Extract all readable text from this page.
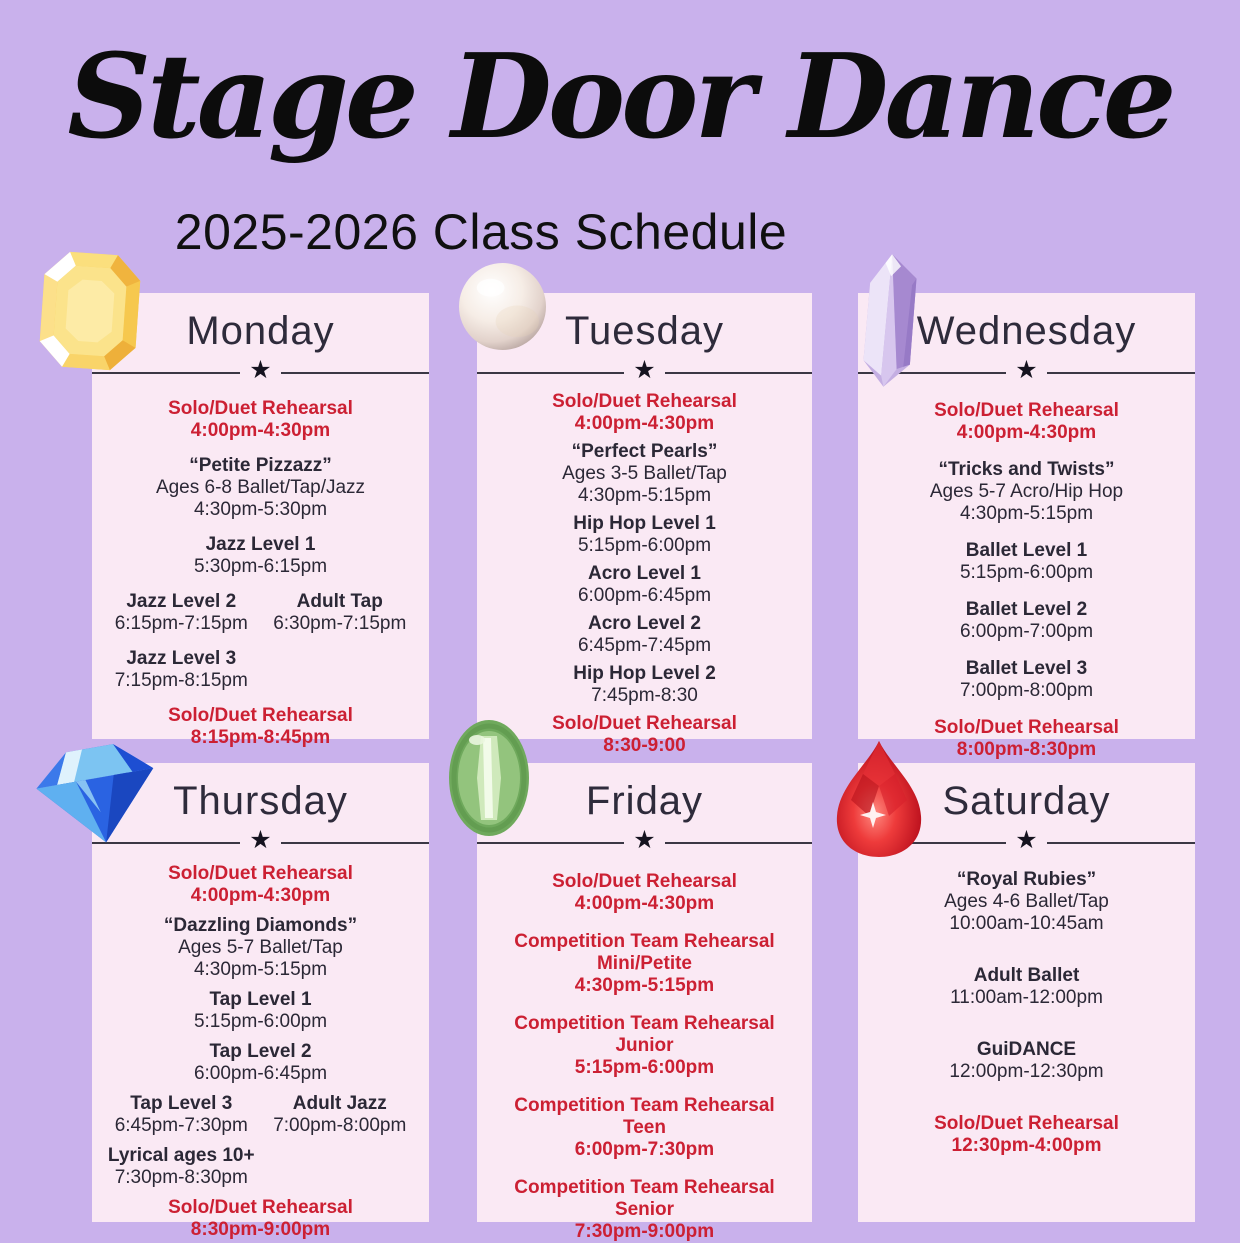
Stage Door Dance
2025-2026 Class Schedule
Monday
★

Solo/Duet Rehearsal

4:00pm-4:30pm

“Petite Pizzazz”

Ages 6-8 Ballet/Tap/Jazz

4:30pm-5:30pm

Jazz Level 1

5:30pm-6:15pm

Jazz Level 2

6:15pm-7:15pm

Adult Tap

6:30pm-7:15pm

Jazz Level 3

7:15pm-8:15pm

Solo/Duet Rehearsal

8:15pm-8:45pm

Tuesday
★

Solo/Duet Rehearsal

4:00pm-4:30pm

“Perfect Pearls”

Ages 3-5 Ballet/Tap

4:30pm-5:15pm

Hip Hop Level 1

5:15pm-6:00pm

Acro Level 1

6:00pm-6:45pm

Acro Level 2

6:45pm-7:45pm

Hip Hop Level 2

7:45pm-8:30

Solo/Duet Rehearsal

8:30-9:00

Wednesday
★

Solo/Duet Rehearsal

4:00pm-4:30pm

“Tricks and Twists”

Ages 5-7 Acro/Hip Hop

4:30pm-5:15pm

Ballet Level 1

5:15pm-6:00pm

Ballet Level 2

6:00pm-7:00pm

Ballet Level 3

7:00pm-8:00pm

Solo/Duet Rehearsal

8:00pm-8:30pm

Thursday
★

Solo/Duet Rehearsal

4:00pm-4:30pm

“Dazzling Diamonds”

Ages 5-7 Ballet/Tap

4:30pm-5:15pm

Tap Level 1

5:15pm-6:00pm

Tap Level 2

6:00pm-6:45pm

Tap Level 3

6:45pm-7:30pm

Adult Jazz

7:00pm-8:00pm

Lyrical ages 10+

7:30pm-8:30pm

Solo/Duet Rehearsal

8:30pm-9:00pm

Friday
★

Solo/Duet Rehearsal

4:00pm-4:30pm

Competition Team Rehearsal

Mini/Petite

4:30pm-5:15pm

Competition Team Rehearsal

Junior

5:15pm-6:00pm

Competition Team Rehearsal

Teen

6:00pm-7:30pm

Competition Team Rehearsal

Senior

7:30pm-9:00pm

Saturday
★

“Royal Rubies”

Ages 4-6 Ballet/Tap

10:00am-10:45am

Adult Ballet

11:00am-12:00pm

GuiDANCE

12:00pm-12:30pm

Solo/Duet Rehearsal

12:30pm-4:00pm
